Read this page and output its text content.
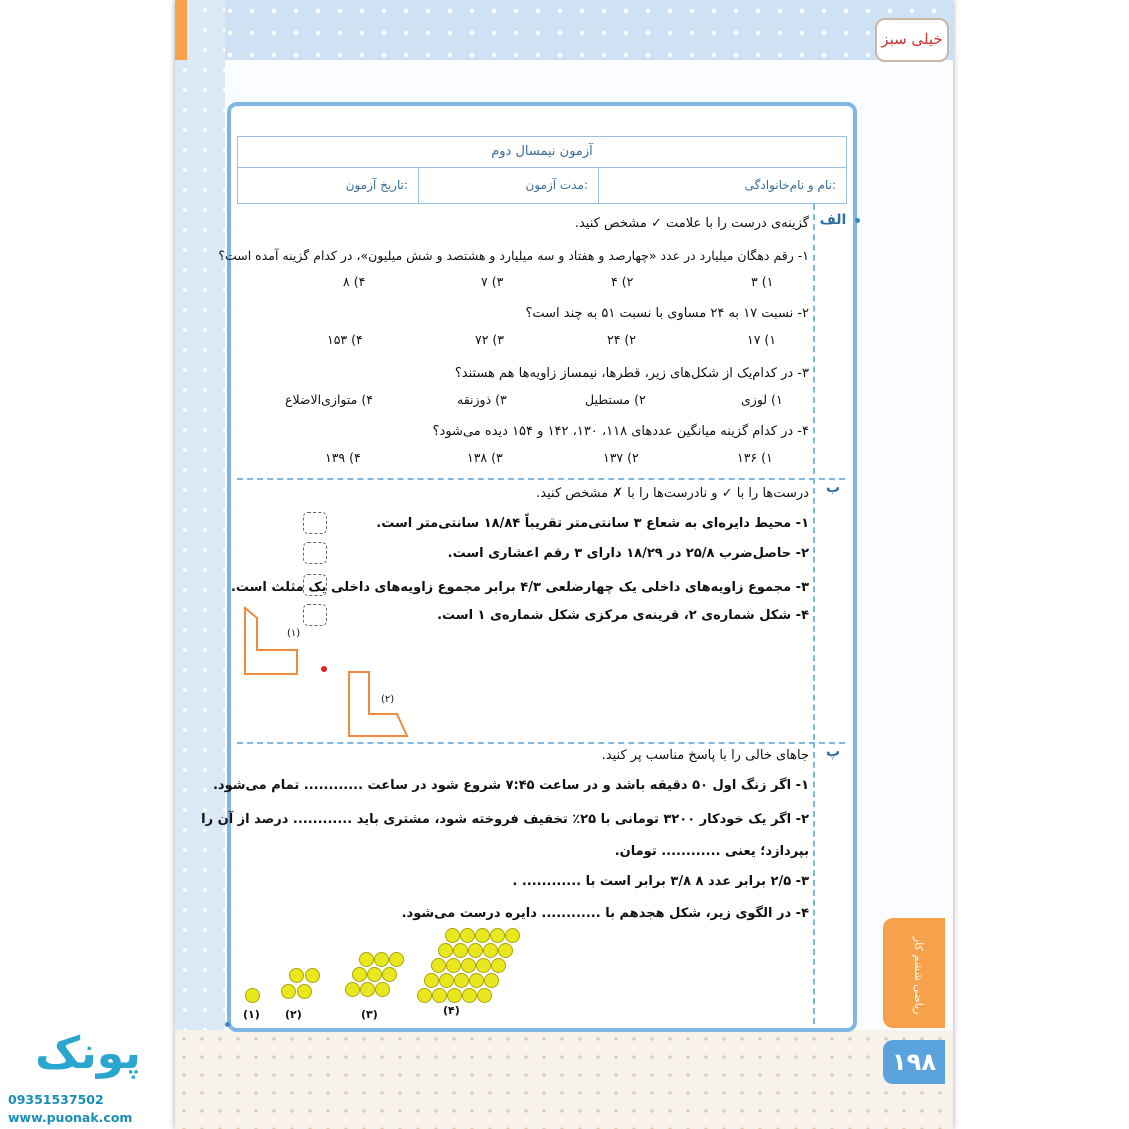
خیلی سبز
آزمون نیمسال دوم
نام و نام‌خانوادگی:
مدت آزمون:
تاریخ آزمون:
الف
گزینه‌ی درست را با علامت ✓ مشخص کنید.
۱- رقم دهگان میلیارد در عدد «چهارصد و هفتاد و سه میلیارد و هشتصد و شش میلیون»، در کدام گزینه آمده است؟
۱) ۳
۲) ۴
۳) ۷
۴) ۸
۲- نسبت ۱۷ به ۲۴ مساوی با نسبت ۵۱ به چند است؟
۱) ۱۷
۲) ۲۴
۳) ۷۲
۴) ۱۵۳
۳- در کدام‌یک از شکل‌های زیر، قطرها، نیمساز زاویه‌ها هم هستند؟
۱) لوزی
۲) مستطیل
۳) ذوزنقه
۴) متوازی‌الاضلاع
۴- در کدام گزینه میانگین عددهای ۱۱۸، ۱۳۰، ۱۴۲ و ۱۵۴ دیده می‌شود؟
۱) ۱۳۶
۲) ۱۳۷
۳) ۱۳۸
۴) ۱۳۹
ب
درست‌ها را با ✓ و نادرست‌ها را با ✗ مشخص کنید.
۱- محیط دایره‌ای به شعاع ۳ سانتی‌متر تقریباً ۱۸/۸۴ سانتی‌متر است.
۲- حاصل‌ضرب ۲۵/۸ در ۱۸/۲۹ دارای ۳ رقم اعشاری است.
۳- مجموع زاویه‌های داخلی یک چهارضلعی ۴/۳ برابر مجموع زاویه‌های داخلی یک مثلث است.
۴- شکل شماره‌ی ۲، قرینه‌ی مرکزی شکل شماره‌ی ۱ است.
(۱)
(۲)
پ
جاهای خالی را با پاسخ مناسب پر کنید.
۱- اگر زنگ اول ۵۰ دقیقه باشد و در ساعت ۷:۴۵ شروع شود در ساعت ............ تمام می‌شود.
۲- اگر یک خودکار ۳۲۰۰ تومانی با ۲۵٪ تخفیف فروخته شود، مشتری باید ............ درصد از آن را
بپردازد؛ یعنی ............ تومان.
۳- ۲/۵ برابر عدد ۸ ۳/۸ برابر است با ............ .
۴- در الگوی زیر، شکل هجدهم با ............ دایره درست می‌شود.
(۱) (۲)	(۳)	(۴)	ریاضی ششم کار
۱۹۸
پونک
09351537502
www.puonak.com
